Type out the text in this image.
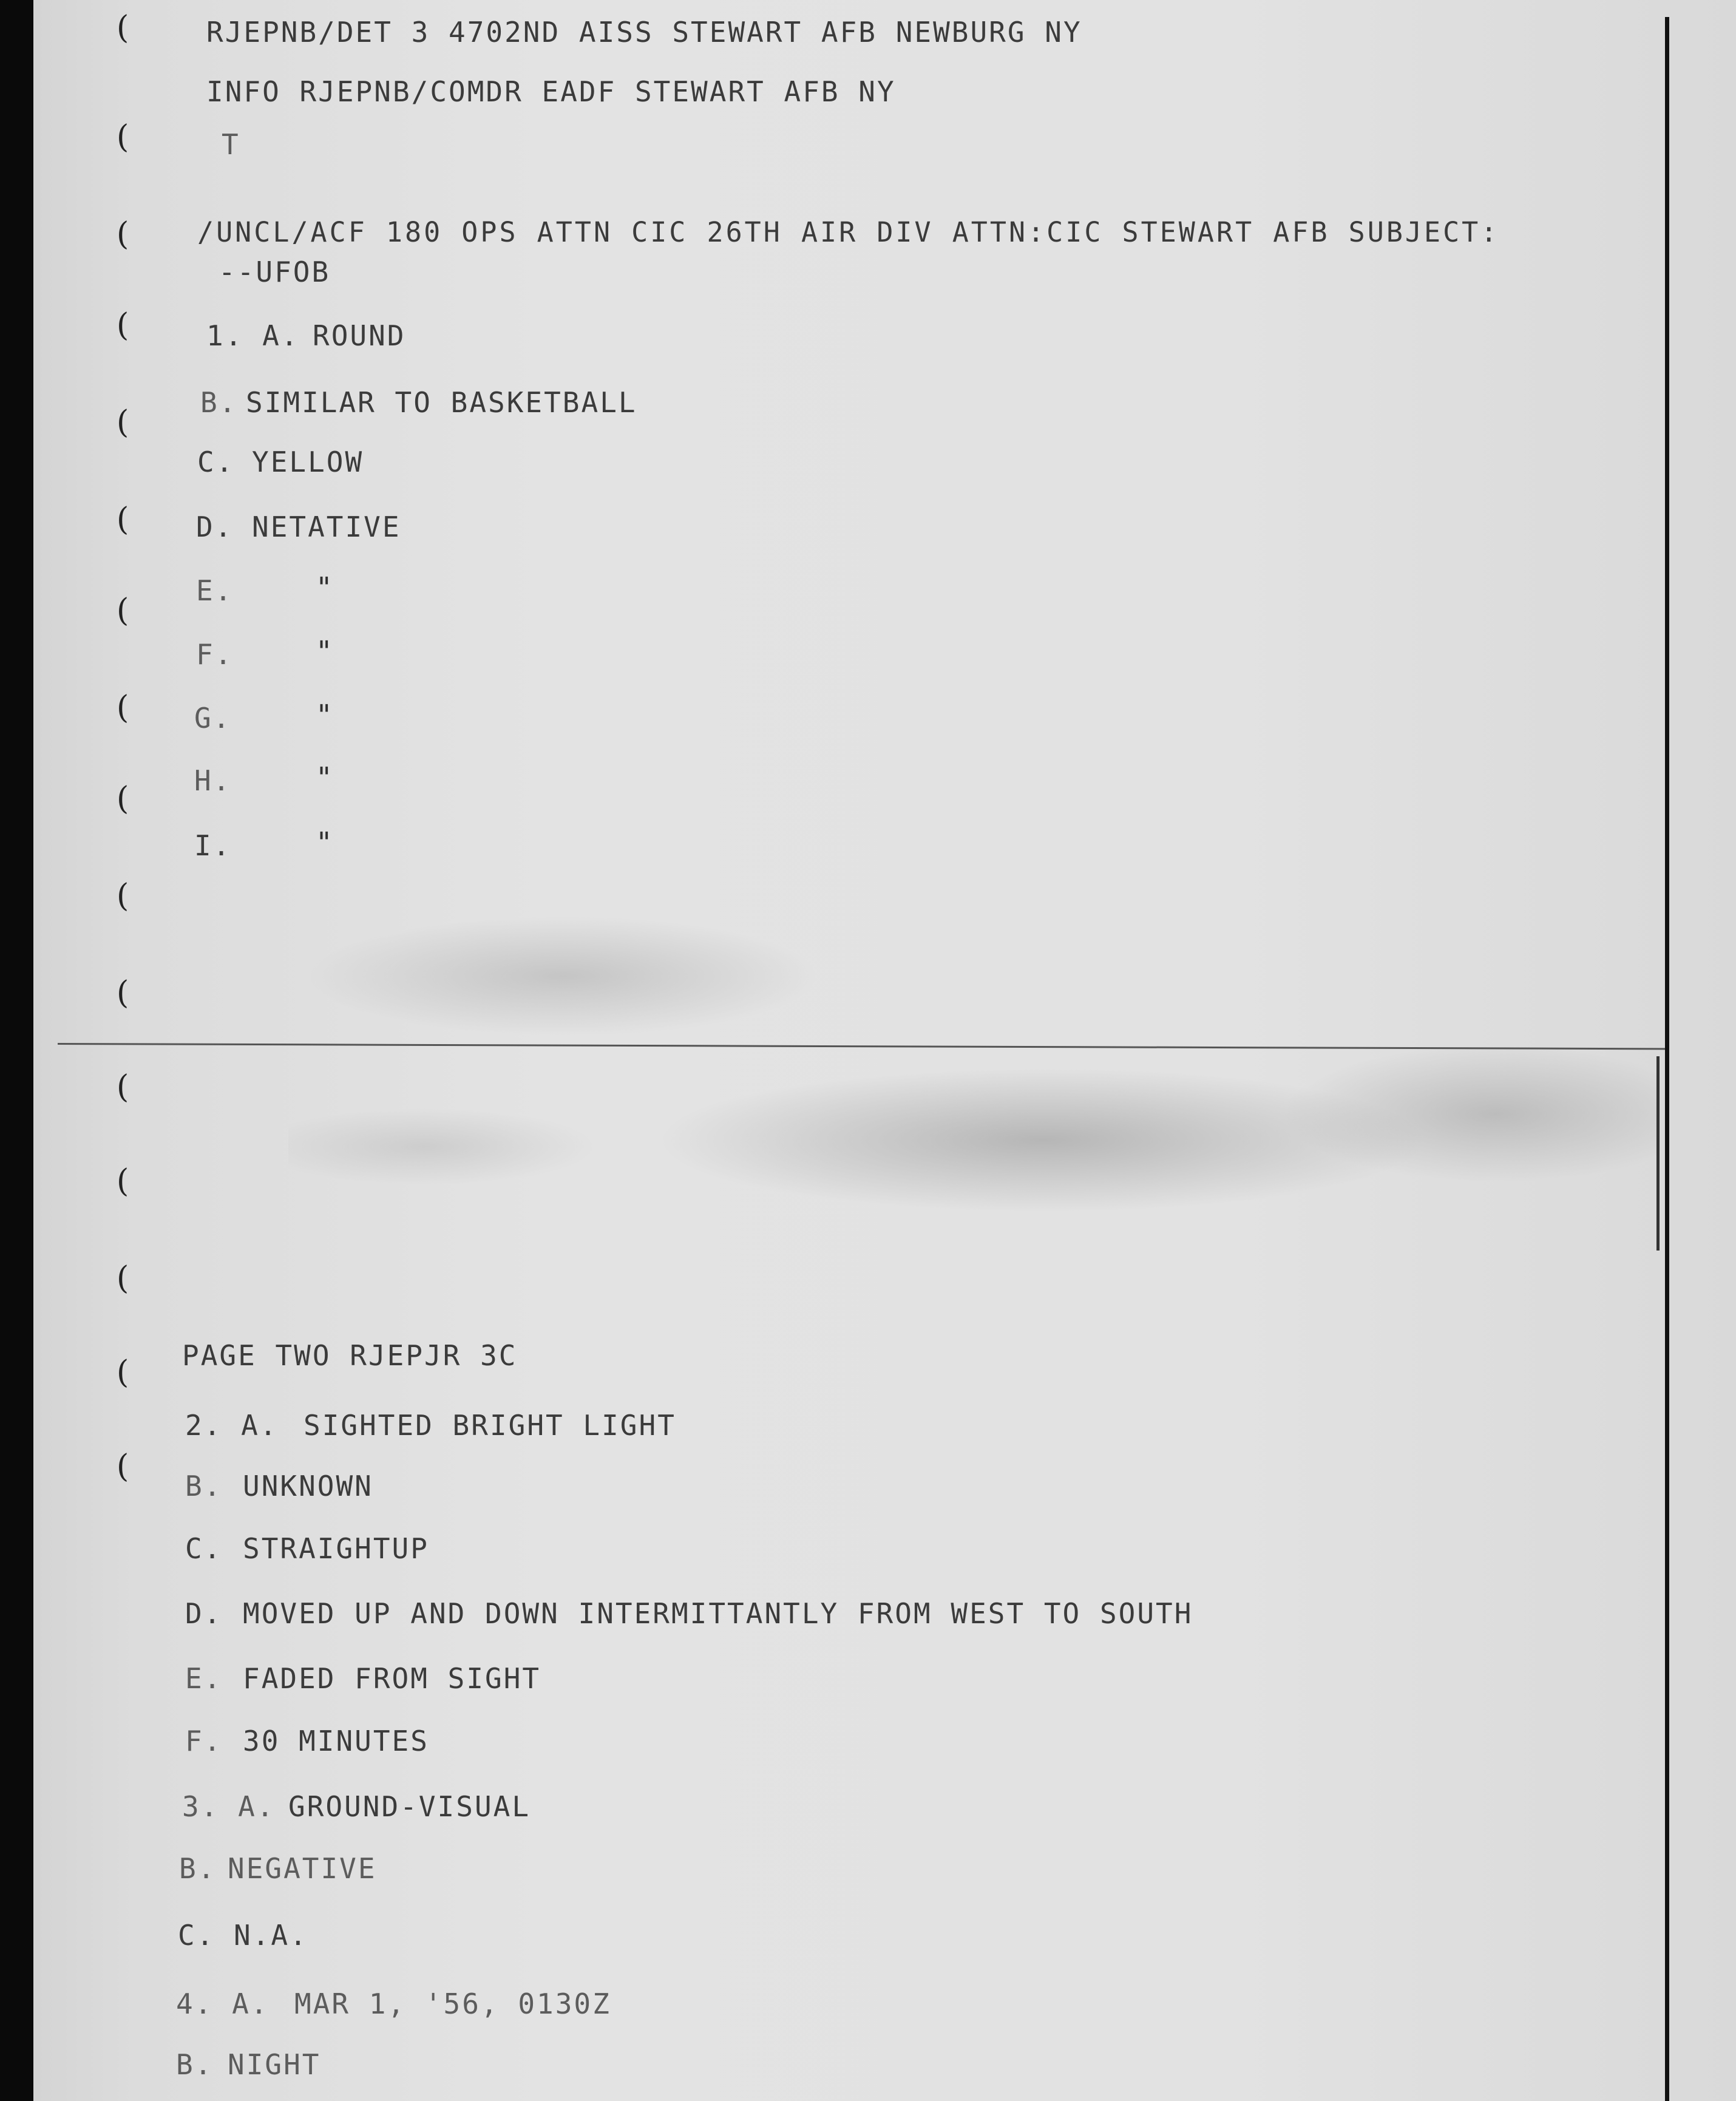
(
(
(
(
(
(
(
(
(
(
(
(
(
(
(
(
RJEPNB/DET 3 4702ND AISS STEWART AFB NEWBURG NY
INFO RJEPNB/COMDR EADF STEWART AFB NY
T
/UNCL/ACF 180 OPS ATTN CIC 26TH AIR DIV ATTN:CIC STEWART AFB SUBJECT:
--UFOB
1. A. ROUND
B. SIMILAR TO BASKETBALL
C. YELLOW
D. NETATIVE
E.	"
F.	"
G.	"
H.	"
I.	"
PAGE TWO RJEPJR 3C
2. A. SIGHTED BRIGHT LIGHT
B. UNKNOWN
C. STRAIGHTUP
D. MOVED UP AND DOWN INTERMITTANTLY FROM WEST TO SOUTH
E. FADED FROM SIGHT
F. 30 MINUTES
3. A. GROUND-VISUAL
B. NEGATIVE
C. N.A.
4. A. MAR 1, '56, 0130Z
B. NIGHT
